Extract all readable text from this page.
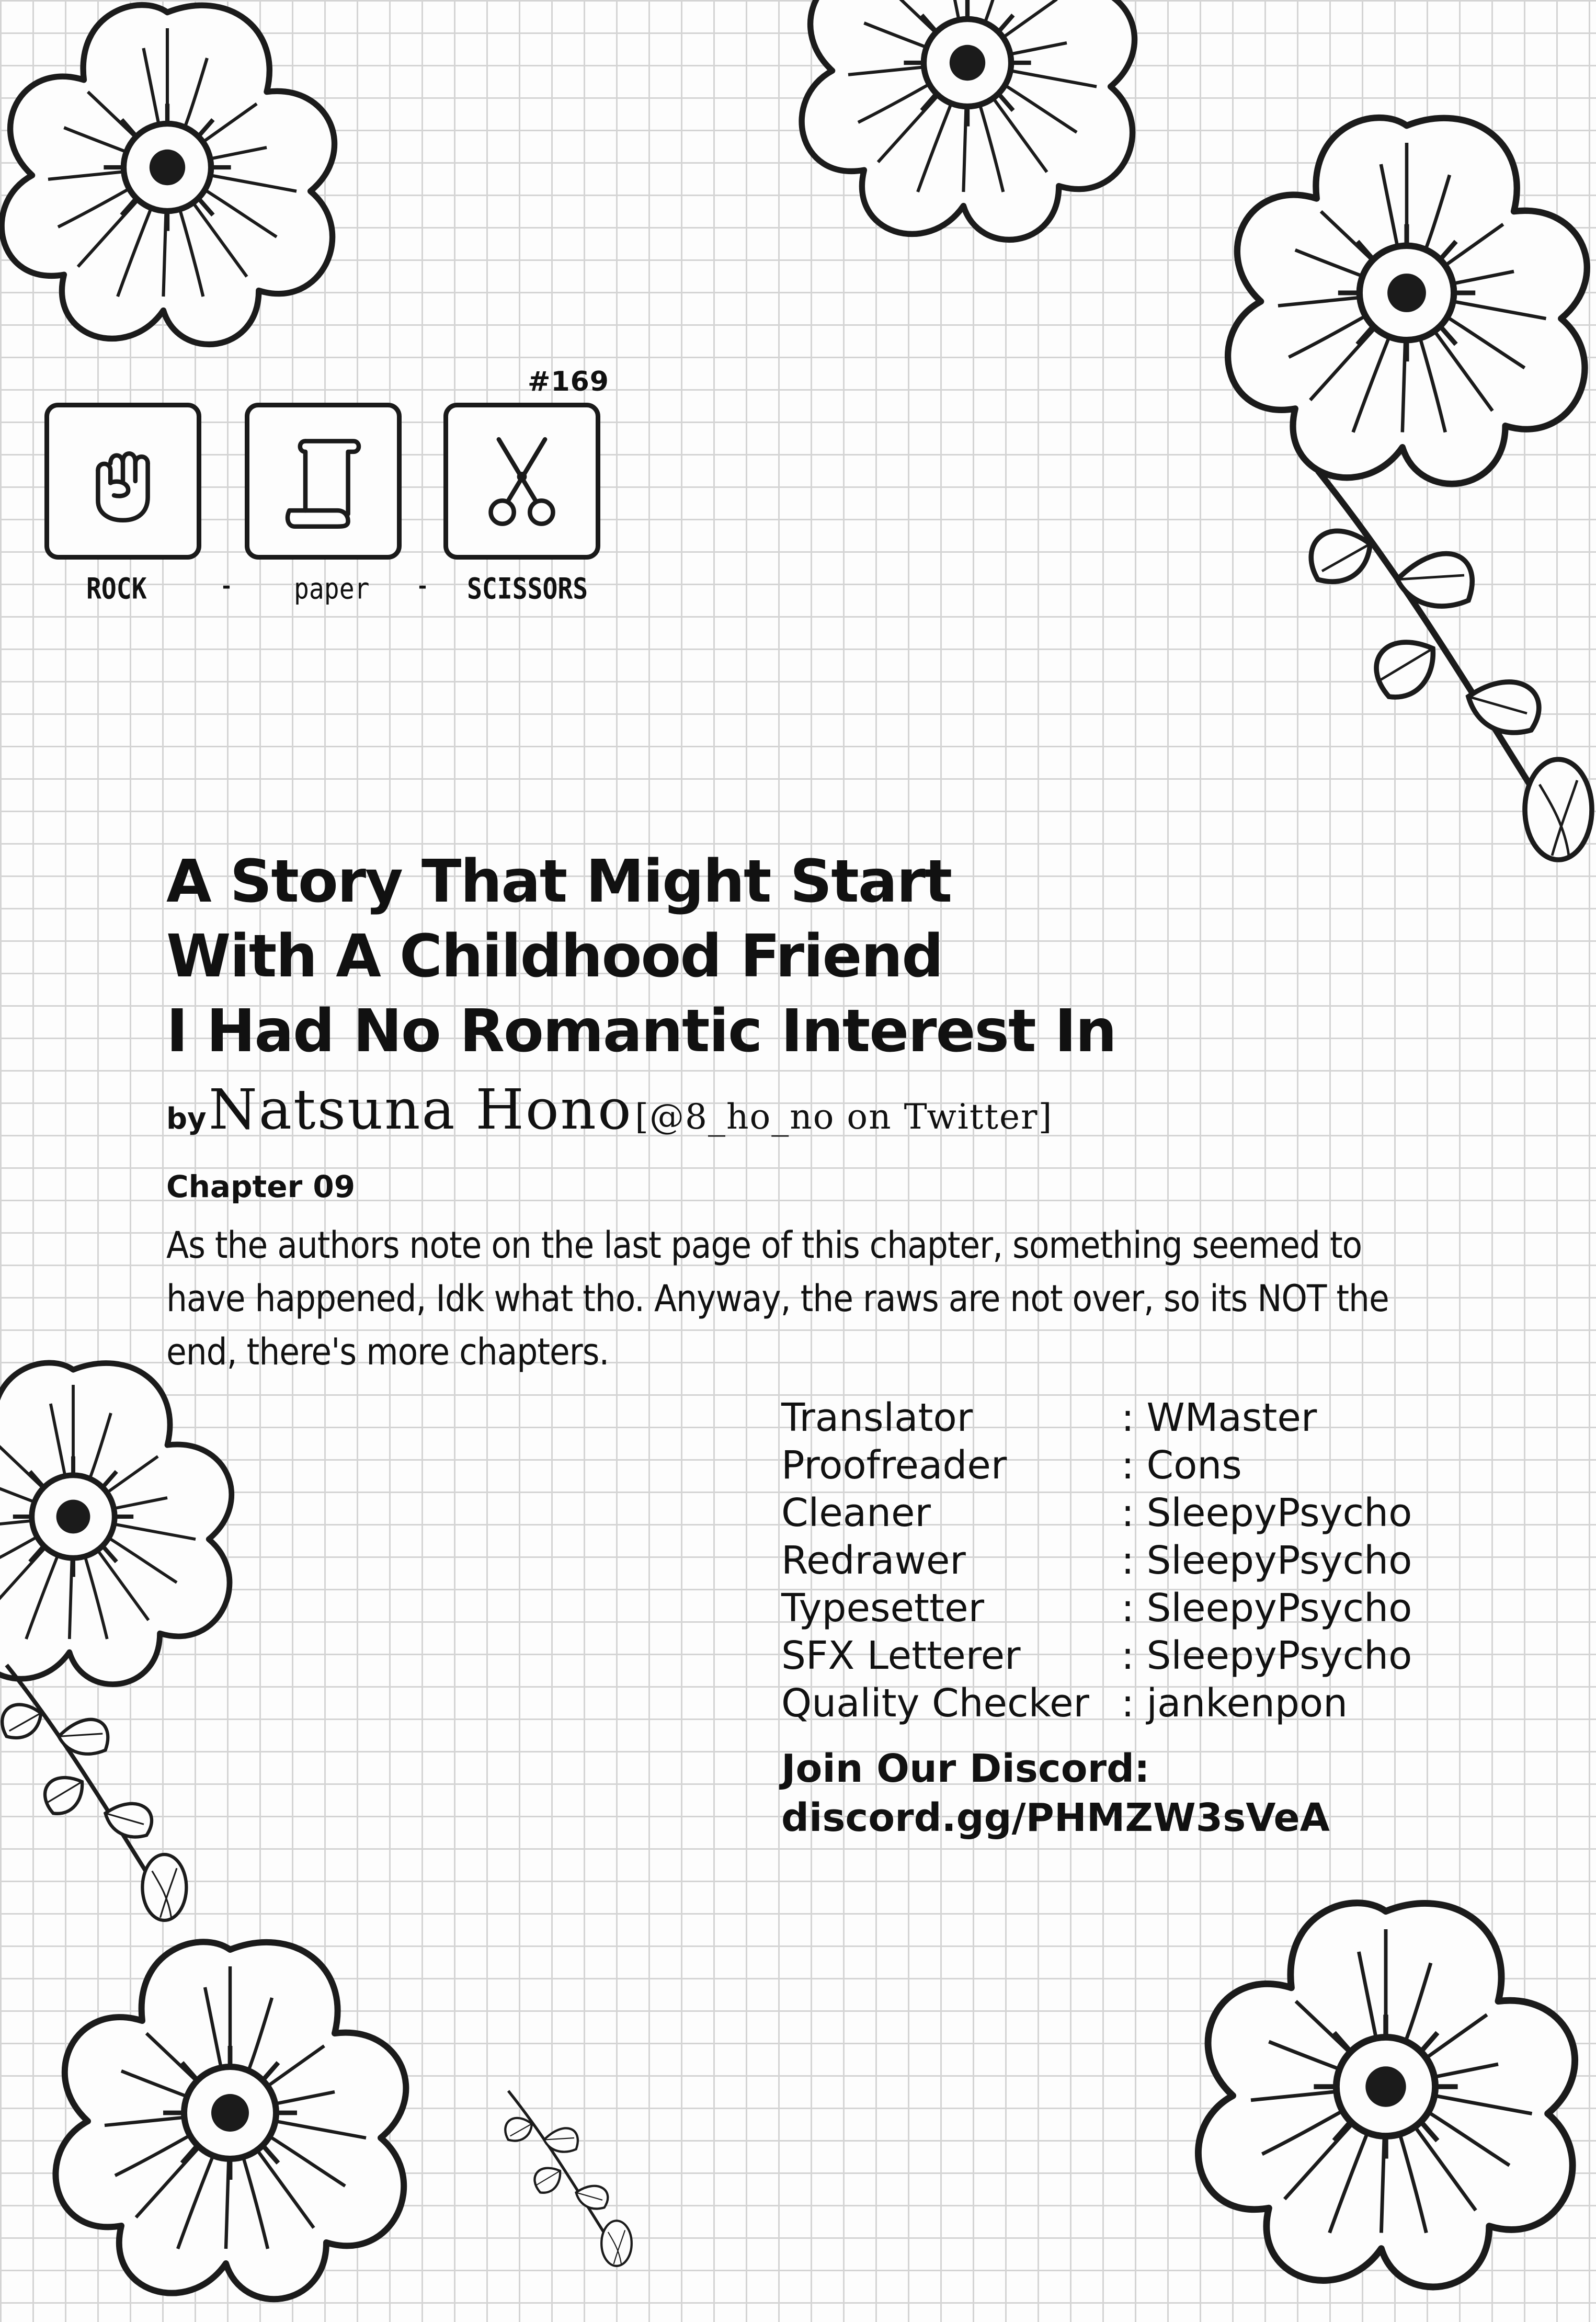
#169
ROCK	-	paper - SCISSORS
A Story That Might Start
With A Childhood Friend
I Had No Romantic Interest In
by Natsuna Hono [@8_ho_no on Twitter]
Chapter 09
As the authors note on the last page of this chapter, something seemed to have happened, Idk what tho. Anyway, the raws are not over, so its NOT the end, there's more chapters.
Translator	: WMaster
Proofreader	: Cons
Cleaner	: SleepyPsycho
Redrawer	: SleepyPsycho
Typesetter	: SleepyPsycho
SFX Letterer	: SleepyPsycho
Quality Checker : jankenpon
Join Our Discord:
discord.gg/PHMZW3sVeA
